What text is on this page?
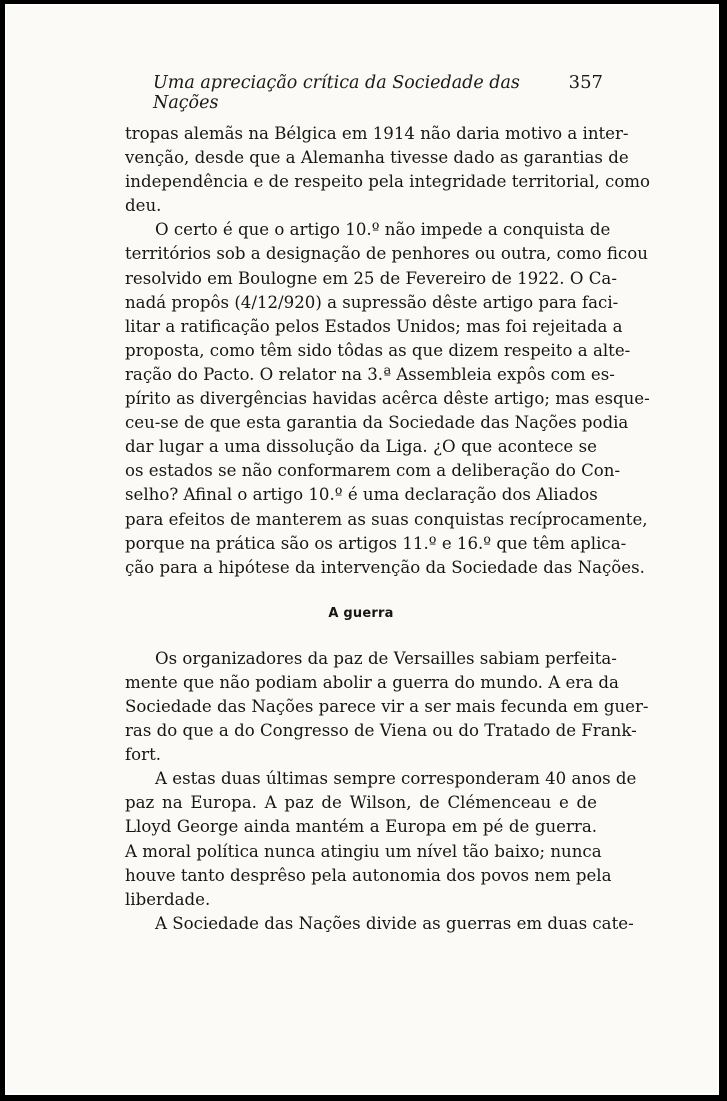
Uma apreciação crítica da Sociedade das Nações
357
tropas alemãs na Bélgica em 1914 não daria motivo a inter-
venção, desde que a Alemanha tivesse dado as garantias de
independência e de respeito pela integridade territorial, como
deu.
O certo é que o artigo 10.º não impede a conquista de
territórios sob a designação de penhores ou outra, como ficou
resolvido em Boulogne em 25 de Fevereiro de 1922. O Ca-
nadá propôs (4/12/920) a supressão dêste artigo para faci-
litar a ratificação pelos Estados Unidos; mas foi rejeitada a
proposta, como têm sido tôdas as que dizem respeito a alte-
ração do Pacto. O relator na 3.ª Assembleia expôs com es-
pírito as divergências havidas acêrca dêste artigo; mas esque-
ceu-se de que esta garantia da Sociedade das Nações podia
dar lugar a uma dissolução da Liga. ¿O que acontece se
os estados se não conformarem com a deliberação do Con-
selho? Afinal o artigo 10.º é uma declaração dos Aliados
para efeitos de manterem as suas conquistas recíprocamente,
porque na prática são os artigos 11.º e 16.º que têm aplica-
ção para a hipótese da intervenção da Sociedade das Nações.
A guerra
Os organizadores da paz de Versailles sabiam perfeita-
mente que não podiam abolir a guerra do mundo. A era da
Sociedade das Nações parece vir a ser mais fecunda em guer-
ras do que a do Congresso de Viena ou do Tratado de Frank-
fort.
A estas duas últimas sempre corresponderam 40 anos de
paz na Europa. A paz de Wilson, de Clémenceau e de
Lloyd George ainda mantém a Europa em pé de guerra.
A moral política nunca atingiu um nível tão baixo; nunca
houve tanto desprêso pela autonomia dos povos nem pela
liberdade.
A Sociedade das Nações divide as guerras em duas cate-
